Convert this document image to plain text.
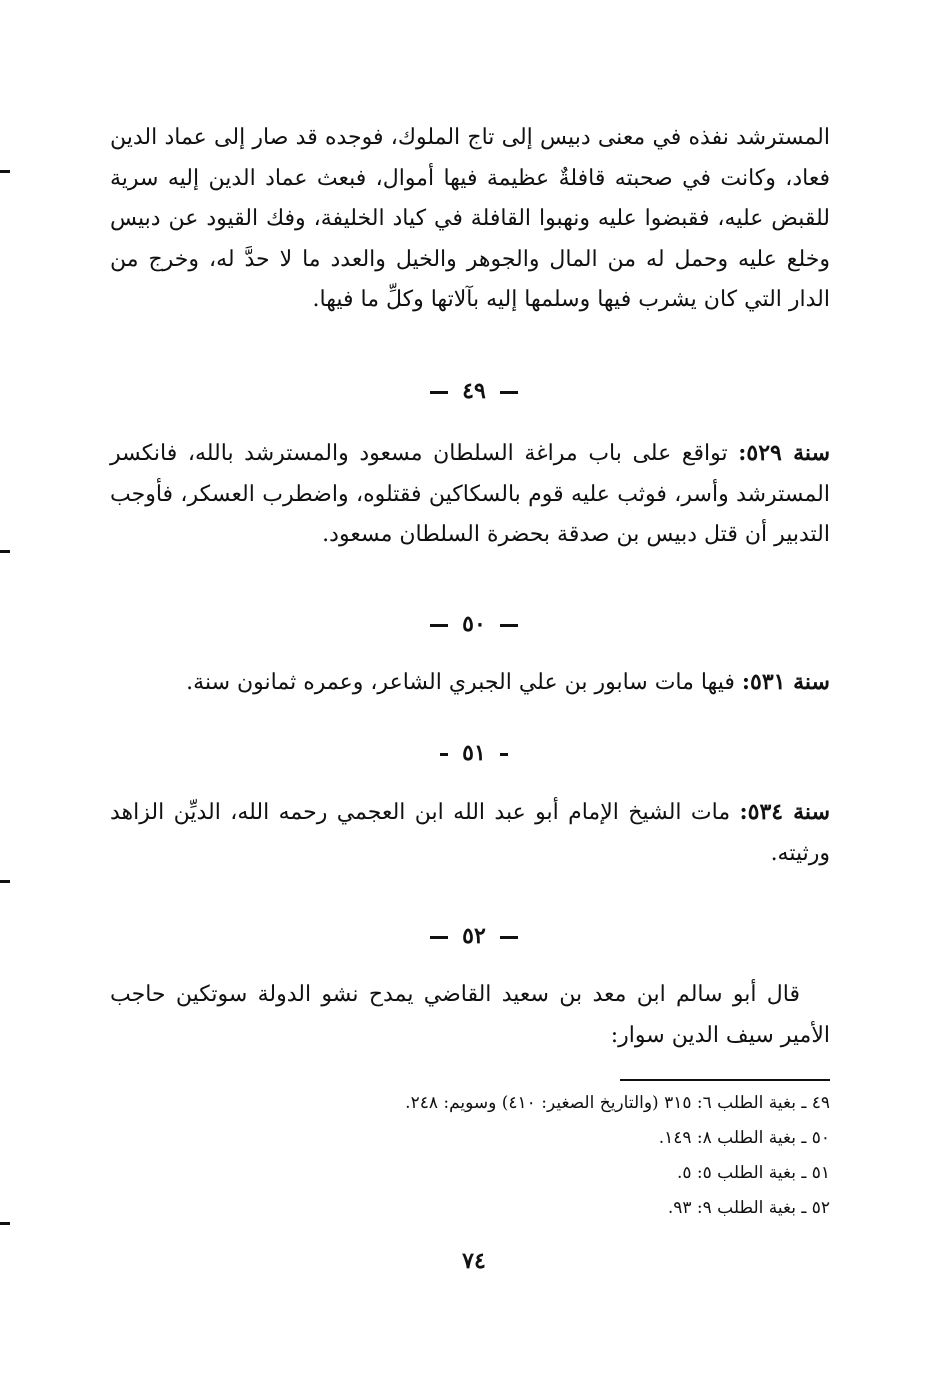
المسترشد نفذه في معنى دبيس إلى تاج الملوك، فوجده قد صار إلى عماد الدين فعاد، وكانت في صحبته قافلةٌ عظيمة فيها أموال، فبعث عماد الدين إليه سرية للقبض عليه، فقبضوا عليه ونهبوا القافلة في كياد الخليفة، وفك القيود عن دبيس وخلع عليه وحمل له من المال والجوهر والخيل والعدد ما لا حدَّ له، وخرج من الدار التي كان يشرب فيها وسلمها إليه بآلاتها وكلِّ ما فيها.

٤٩

سنة ٥٢٩: تواقع على باب مراغة السلطان مسعود والمسترشد بالله، فانكسر المسترشد وأسر، فوثب عليه قوم بالسكاكين فقتلوه، واضطرب العسكر، فأوجب التدبير أن قتل دبيس بن صدقة بحضرة السلطان مسعود.

٥٠

سنة ٥٣١: فيها مات سابور بن علي الجبري الشاعر، وعمره ثمانون سنة.

٥١

سنة ٥٣٤: مات الشيخ الإمام أبو عبد الله ابن العجمي رحمه الله، الديِّن الزاهد ورثيته.

٥٢

قال أبو سالم ابن معد بن سعيد القاضي يمدح نشو الدولة سوتكين حاجب الأمير سيف الدين سوار:

٤٩ ـ بغية الطلب ٦: ٣١٥ (والتاريخ الصغير: ٤١٠) وسويم: ٢٤٨.
٥٠ ـ بغية الطلب ٨: ١٤٩.
٥١ ـ بغية الطلب ٥: ٥.
٥٢ ـ بغية الطلب ٩: ٩٣.
٧٤
